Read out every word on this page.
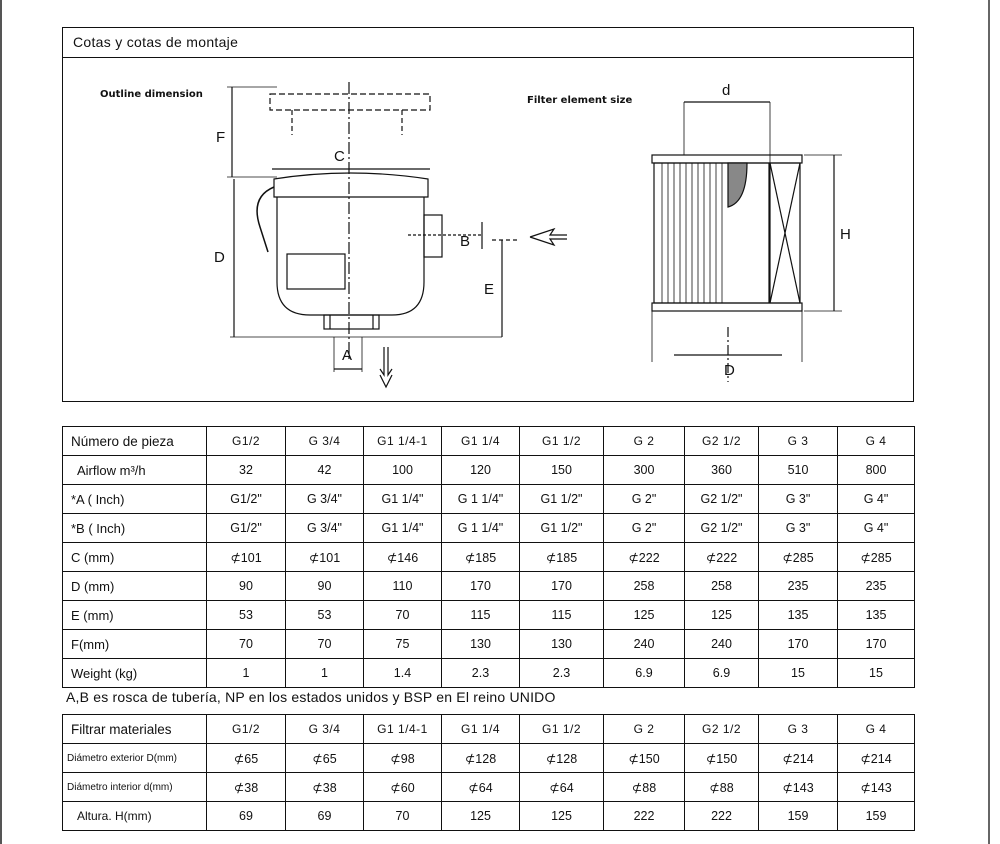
Cotas y cotas de montaje
Outline dimension
Filter element size
F
C
D
B
E
A
d
H
D
Número de pieza	G1/2	G 3/4	G1 1/4-1	G1 1/4	G1 1/2	G 2	G2 1/2	G 3	G 4
Airflow m³/h	32	42	100	120	150	300	360	510	800
*A ( Inch)	G1/2"	G 3/4"	G1 1/4"	G 1 1/4"	G1 1/2"	G 2"	G2 1/2"	G 3"	G 4"
*B ( Inch)	G1/2"	G 3/4"	G1 1/4"	G 1 1/4"	G1 1/2"	G 2"	G2 1/2"	G 3"	G 4"
C (mm)	⊄101	⊄101	⊄146	⊄185	⊄185	⊄222	⊄222	⊄285	⊄285
D (mm)	90	90	110	170	170	258	258	235	235
E (mm)	53	53	70	115	115	125	125	135	135
F(mm)	70	70	75	130	130	240	240	170	170
Weight (kg)	1	1	1.4	2.3	2.3	6.9	6.9	15	15
A,B es rosca de tubería, NP en los estados unidos y BSP en El reino UNIDO
Filtrar materiales	G1/2	G 3/4	G1 1/4-1	G1 1/4	G1 1/2	G 2	G2 1/2	G 3	G 4
Diámetro exterior D(mm)	⊄65	⊄65	⊄98	⊄128	⊄128	⊄150	⊄150	⊄214	⊄214
Diámetro interior d(mm)	⊄38	⊄38	⊄60	⊄64	⊄64	⊄88	⊄88	⊄143	⊄143
Altura. H(mm)	69	69	70	125	125	222	222	159	159
